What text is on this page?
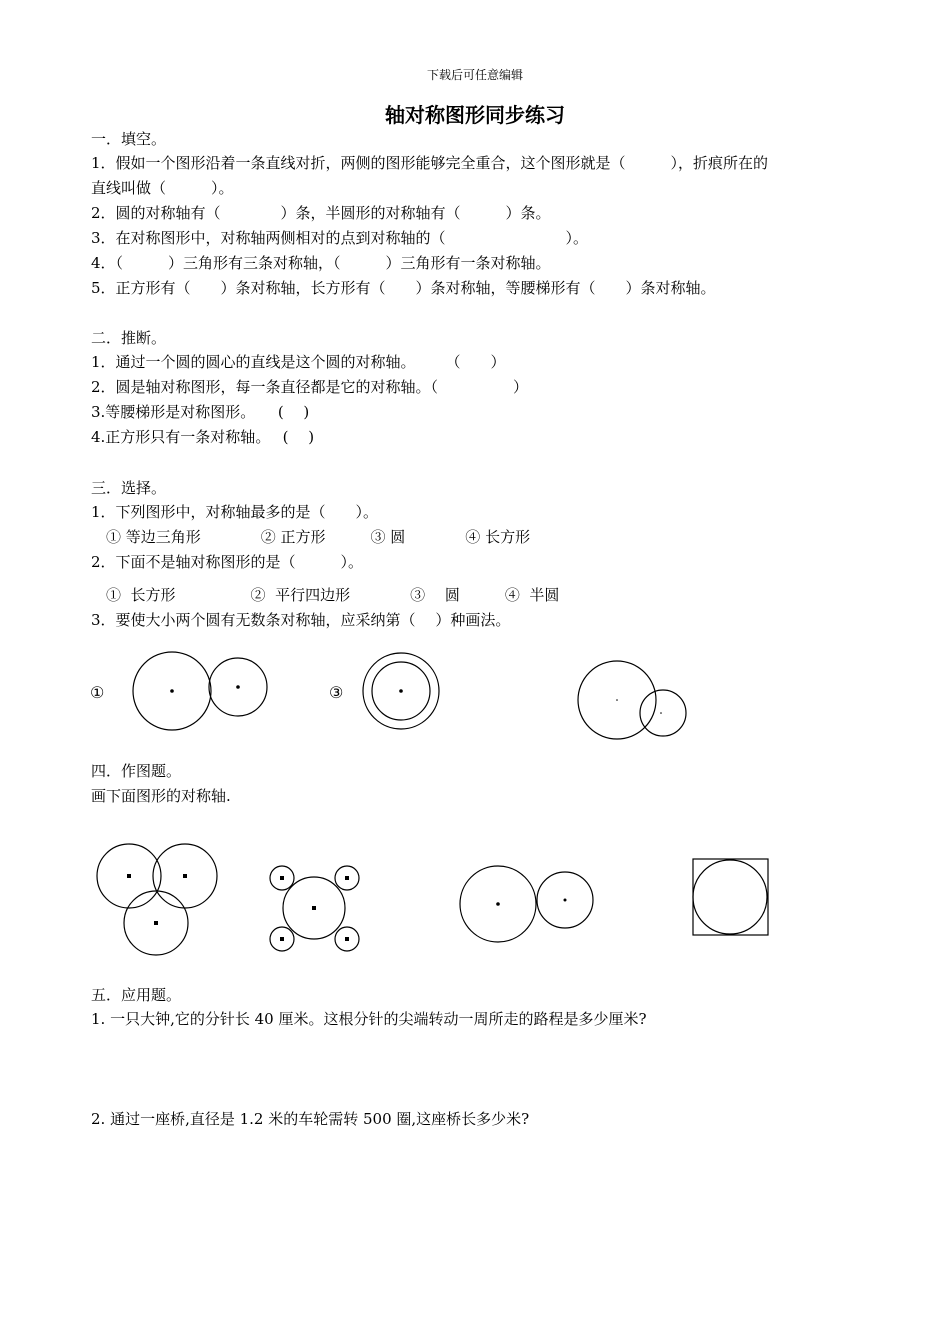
下载后可任意编辑
轴对称图形同步练习
一．填空。
1．假如一个图形沿着一条直线对折，两侧的图形能够完全重合，这个图形就是（　　　），折痕所在的
直线叫做（　　　）。
2．圆的对称轴有（　　　　）条，半圆形的对称轴有（　　　）条。
3．在对称图形中，对称轴两侧相对的点到对称轴的（　　　　　　　　）。
4．（　　　）三角形有三条对称轴，（　　　）三角形有一条对称轴。
5．正方形有（　　）条对称轴，长方形有（　　）条对称轴，等腰梯形有（　　）条对称轴。
二．推断。
1．通过一个圆的圆心的直线是这个圆的对称轴。　　　（　　）
2．圆是轴对称图形，每一条直径都是它的对称轴。（　　　　　）
3.等腰梯形是对称图形。　　(　 )
4.正方形只有一条对称轴。　 (　 )
三．选择。
1．下列图形中，对称轴最多的是（　　）。
　① 等边三角形　　　　② 正方形　　　③ 圆　　　　④ 长方形
2．下面不是轴对称图形的是（　　　）。
　①  长方形　　　　　②  平行四边形　　　　③　 圆　　　④  半圆
3．要使大小两个圆有无数条对称轴，应采纳第（　 ）种画法。
①	③
四．作图题。
画下面图形的对称轴.
五．应用题。
1. 一只大钟,它的分针长 40 厘米。这根分针的尖端转动一周所走的路程是多少厘米?
2. 通过一座桥,直径是 1.2 米的车轮需转 500 圈,这座桥长多少米?
